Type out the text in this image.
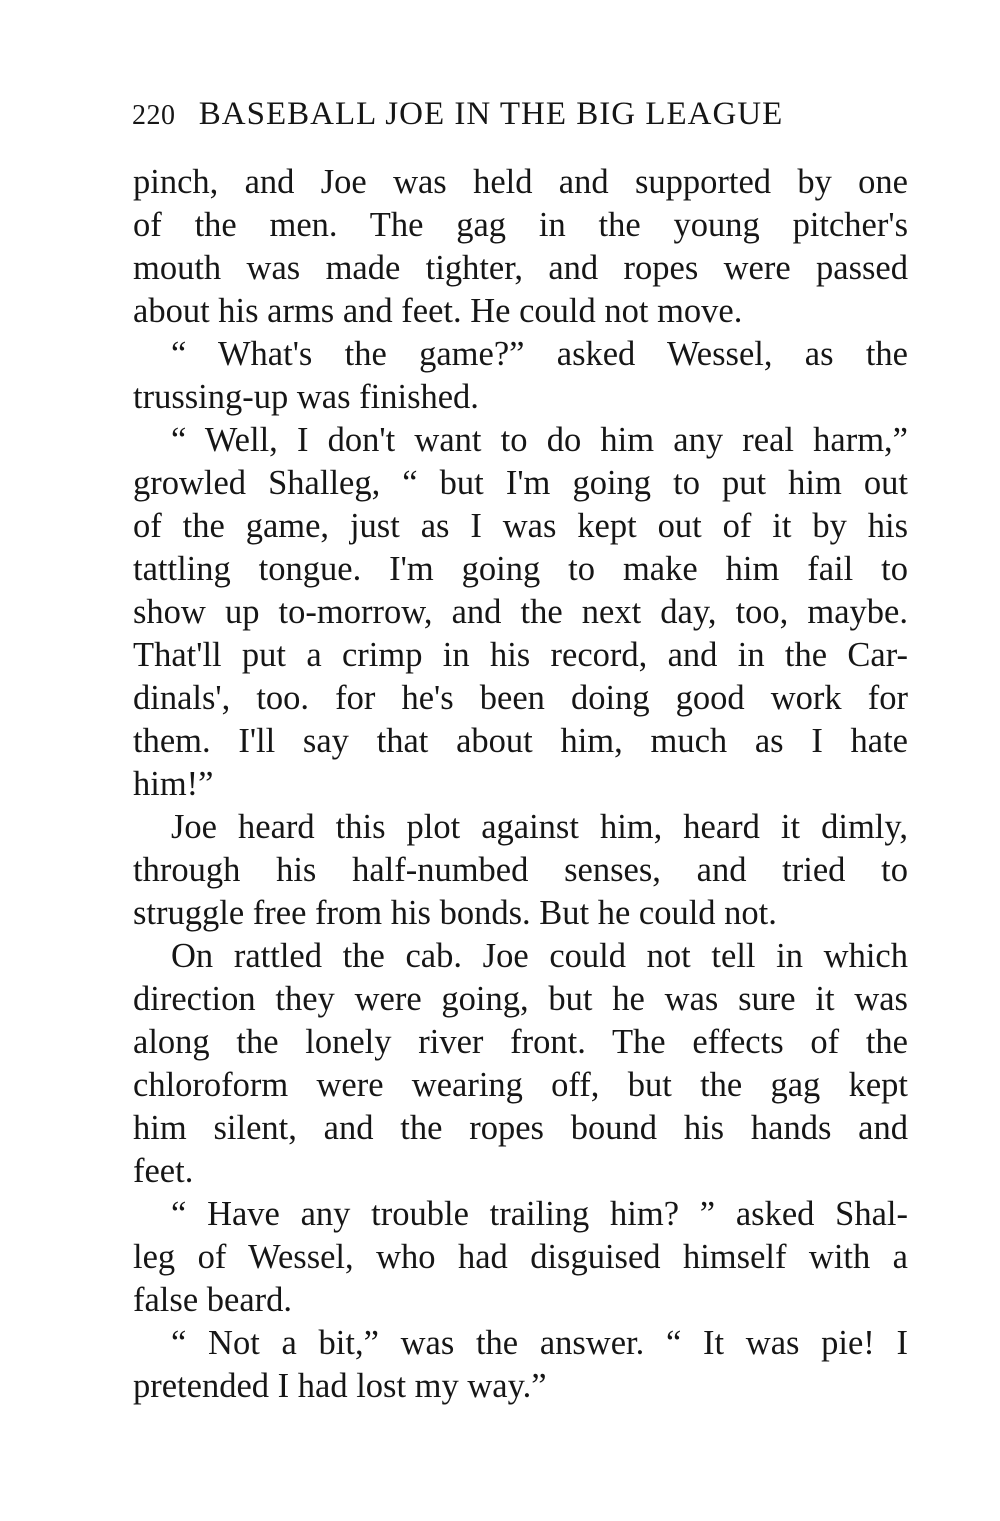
220 BASEBALL JOE IN THE BIG LEAGUE
pinch, and Joe was held and supported by one
of the men. The gag in the young pitcher's
mouth was made tighter, and ropes were passed
about his arms and feet. He could not move.
“ What's the game?” asked Wessel, as the
trussing-up was finished.
“ Well, I don't want to do him any real harm,”
growled Shalleg, “ but I'm going to put him out
of the game, just as I was kept out of it by his
tattling tongue. I'm going to make him fail to
show up to-morrow, and the next day, too, maybe.
That'll put a crimp in his record, and in the Car-
dinals', too. for he's been doing good work for
them. I'll say that about him, much as I hate
him!”
Joe heard this plot against him, heard it dimly,
through his half-numbed senses, and tried to
struggle free from his bonds. But he could not.
On rattled the cab. Joe could not tell in which
direction they were going, but he was sure it was
along the lonely river front. The effects of the
chloroform were wearing off, but the gag kept
him silent, and the ropes bound his hands and
feet.
“ Have any trouble trailing him? ” asked Shal-
leg of Wessel, who had disguised himself with a
false beard.
“ Not a bit,” was the answer. “ It was pie! I
pretended I had lost my way.”
